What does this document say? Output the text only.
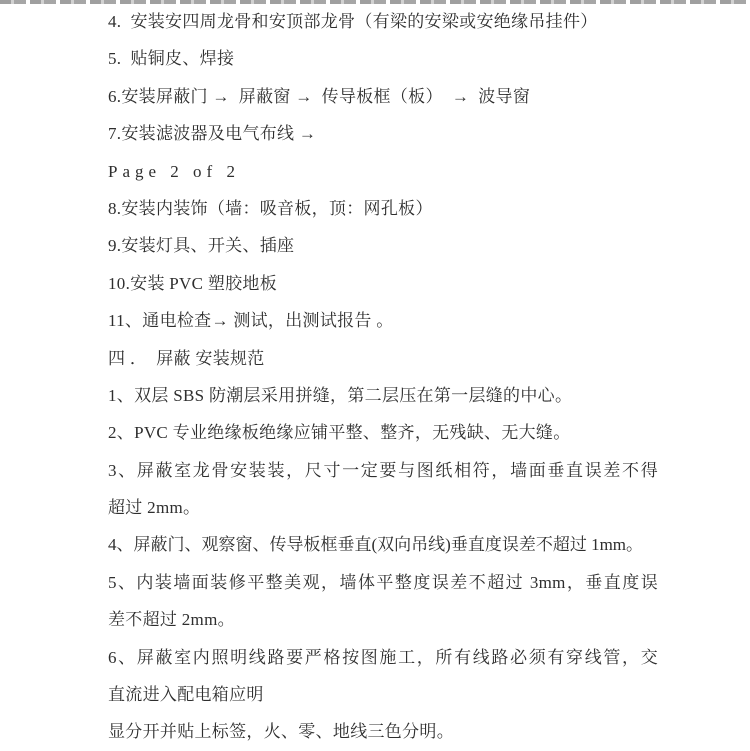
4.  安装安四周龙骨和安顶部龙骨（有梁的安梁或安绝缘吊挂件）
5.  贴铜皮、焊接
6.安装屏蔽门 →  屏蔽窗 →  传导板框（板）  →  波导窗
7.安装滤波器及电气布线 →
Page 2 of 2
8.安装内装饰（墙：吸音板，顶：网孔板）
9.安装灯具、开关、插座
10.安装 PVC 塑胶地板
11、通电检查→ 测试，出测试报告 。
四 ．  屏蔽 安装规范
1、双层 SBS 防潮层采用拼缝，第二层压在第一层缝的中心。
2、PVC 专业绝缘板绝缘应铺平整、整齐，无残缺、无大缝。
3、屏蔽室龙骨安装装，尺寸一定要与图纸相符，墙面垂直误差不得
超过 2mm。
4、屏蔽门、观察窗、传导板框垂直(双向吊线)垂直度误差不超过 1mm。
5、内装墙面装修平整美观，墙体平整度误差不超过 3mm，垂直度误
差不超过 2mm。
6、屏蔽室内照明线路要严格按图施工，所有线路必须有穿线管，交
直流进入配电箱应明
显分开并贴上标签，火、零、地线三色分明。
